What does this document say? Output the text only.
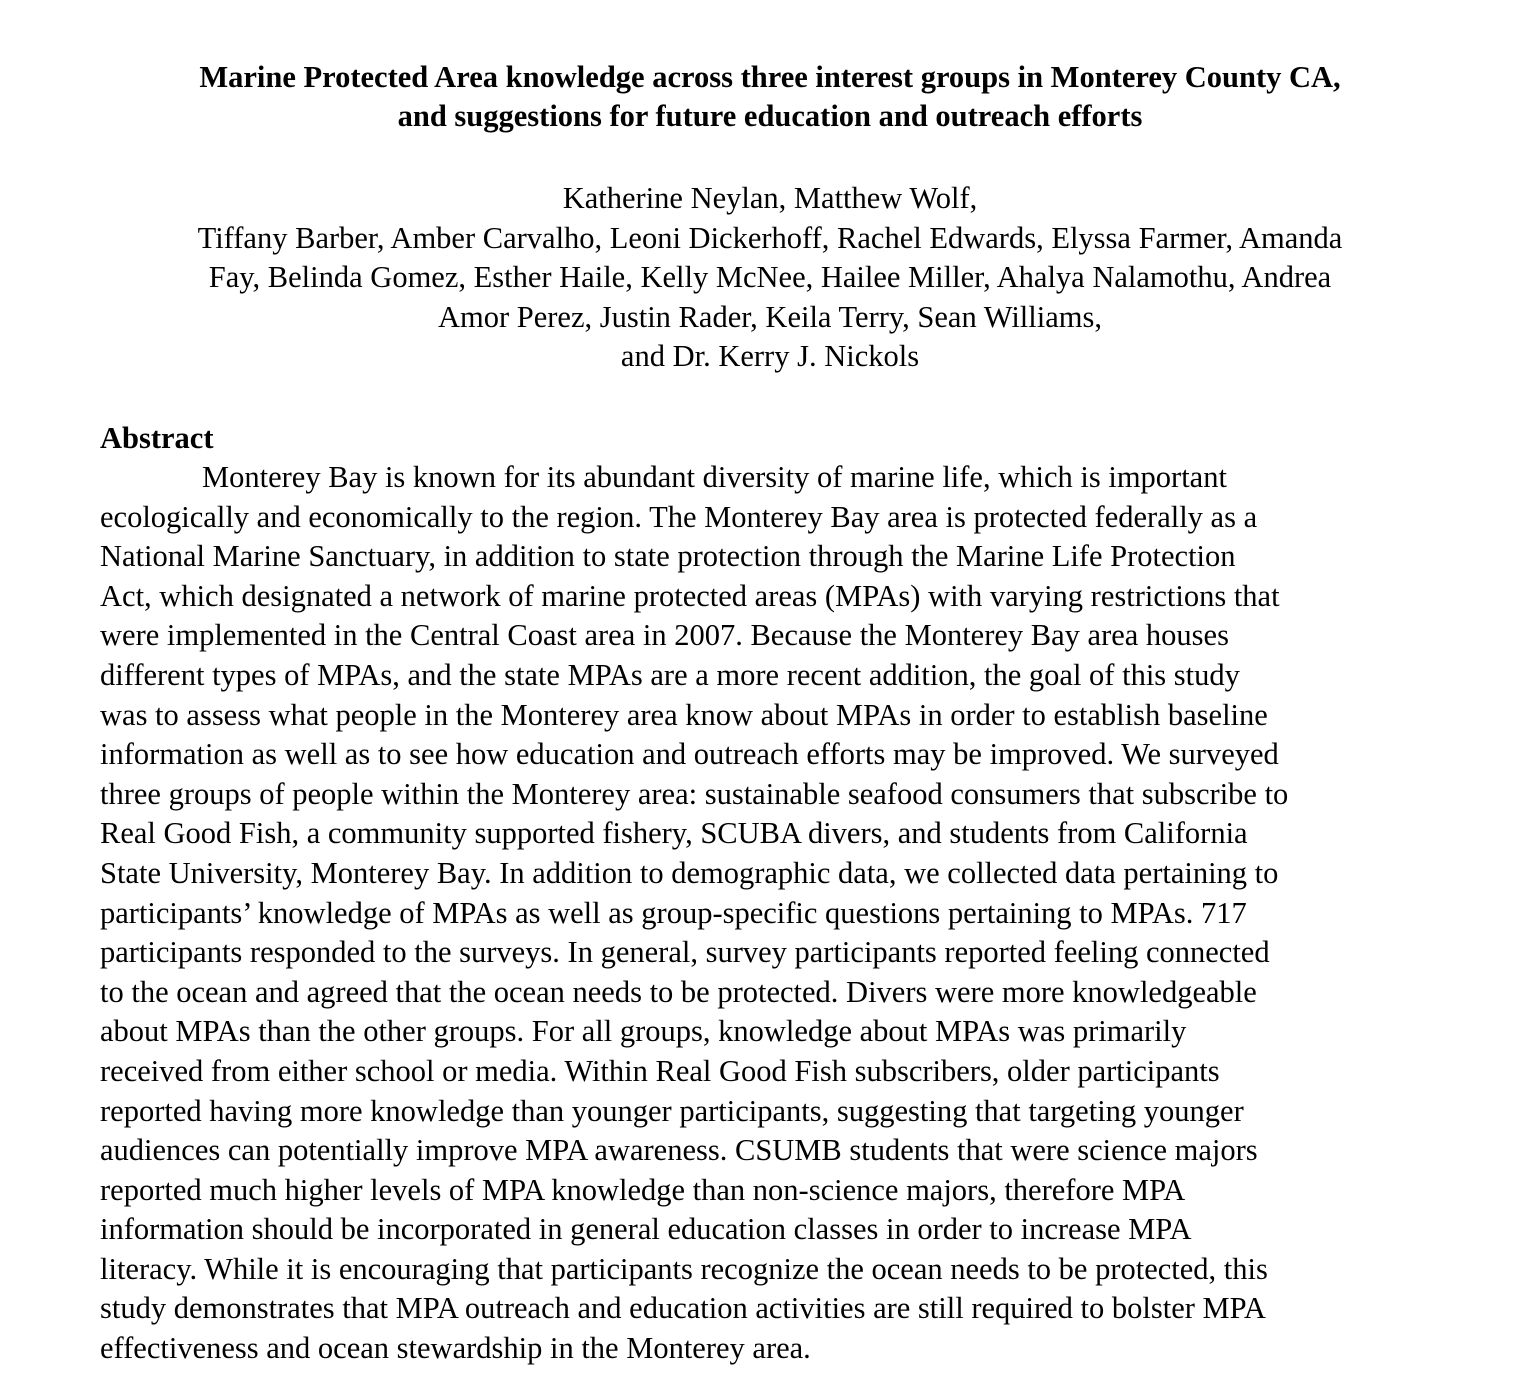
Marine Protected Area knowledge across three interest groups in Monterey County CA,
and suggestions for future education and outreach efforts
Katherine Neylan, Matthew Wolf,
Tiffany Barber, Amber Carvalho, Leoni Dickerhoff, Rachel Edwards, Elyssa Farmer, Amanda
Fay, Belinda Gomez, Esther Haile, Kelly McNee, Hailee Miller, Ahalya Nalamothu, Andrea
Amor Perez, Justin Rader, Keila Terry, Sean Williams,
and Dr. Kerry J. Nickols
Abstract

Monterey Bay is known for its abundant diversity of marine life, which is important
ecologically and economically to the region. The Monterey Bay area is protected federally as a
National Marine Sanctuary, in addition to state protection through the Marine Life Protection
Act, which designated a network of marine protected areas (MPAs) with varying restrictions that
were implemented in the Central Coast area in 2007. Because the Monterey Bay area houses
different types of MPAs, and the state MPAs are a more recent addition, the goal of this study
was to assess what people in the Monterey area know about MPAs in order to establish baseline
information as well as to see how education and outreach efforts may be improved. We surveyed
three groups of people within the Monterey area: sustainable seafood consumers that subscribe to
Real Good Fish, a community supported fishery, SCUBA divers, and students from California
State University, Monterey Bay. In addition to demographic data, we collected data pertaining to
participants’ knowledge of MPAs as well as group-specific questions pertaining to MPAs. 717
participants responded to the surveys. In general, survey participants reported feeling connected
to the ocean and agreed that the ocean needs to be protected. Divers were more knowledgeable
about MPAs than the other groups. For all groups, knowledge about MPAs was primarily
received from either school or media. Within Real Good Fish subscribers, older participants
reported having more knowledge than younger participants, suggesting that targeting younger
audiences can potentially improve MPA awareness. CSUMB students that were science majors
reported much higher levels of MPA knowledge than non-science majors, therefore MPA
information should be incorporated in general education classes in order to increase MPA
literacy. While it is encouraging that participants recognize the ocean needs to be protected, this
study demonstrates that MPA outreach and education activities are still required to bolster MPA
effectiveness and ocean stewardship in the Monterey area.
